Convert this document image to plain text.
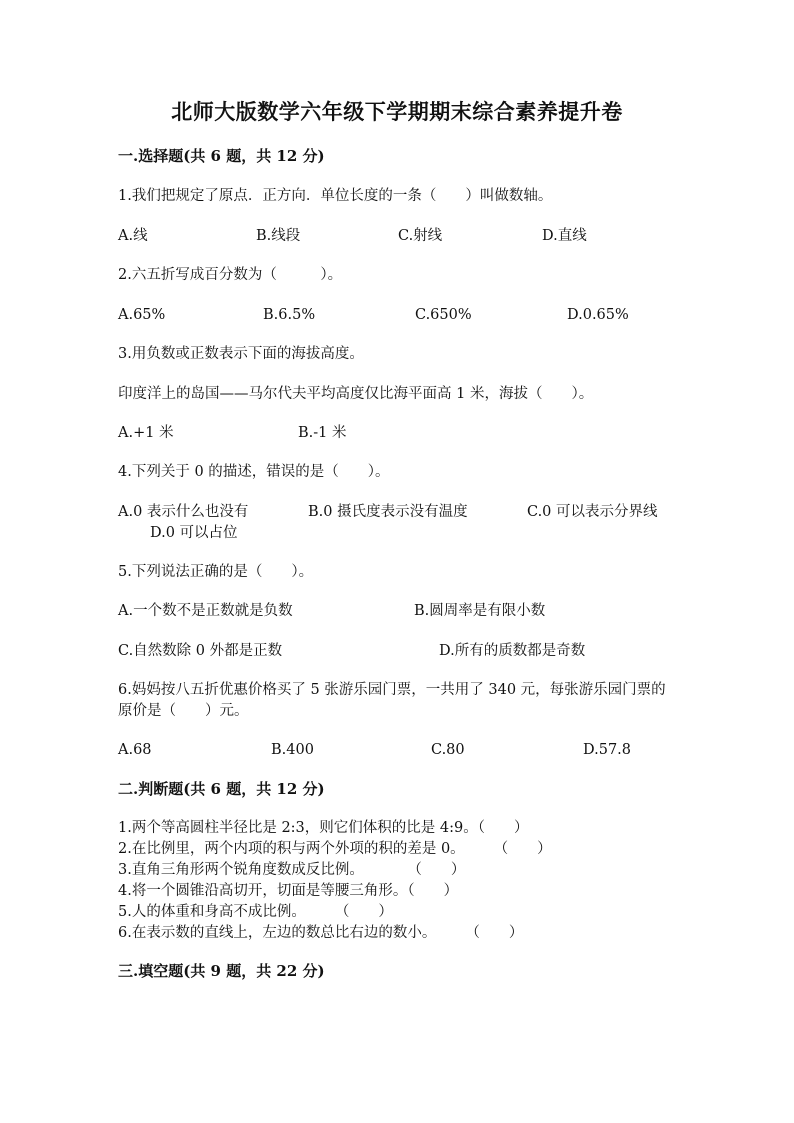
北师大版数学六年级下学期期末综合素养提升卷
一.选择题(共 6 题，共 12 分)
1.我们把规定了原点．正方向．单位长度的一条（　　）叫做数轴。
A.线	B.线段	C.射线	D.直线
2.六五折写成百分数为（　　　）。
A.65%	B.6.5%	C.650%	D.0.65%
3.用负数或正数表示下面的海拔高度。
印度洋上的岛国——马尔代夫平均高度仅比海平面高 1 米，海拔（　　）。
A.+1 米	B.-1 米
4.下列关于 0 的描述，错误的是（　　）。
A.0 表示什么也没有	B.0 摄氏度表示没有温度	C.0 可以表示分界线
D.0 可以占位
5.下列说法正确的是（　　）。
A.一个数不是正数就是负数	B.圆周率是有限小数
C.自然数除 0 外都是正数	D.所有的质数都是奇数
6.妈妈按八五折优惠价格买了 5 张游乐园门票，一共用了 340 元，每张游乐园门票的原价是（　　）元。
A.68	B.400	C.80	D.57.8
二.判断题(共 6 题，共 12 分)
1.两个等高圆柱半径比是 2:3，则它们体积的比是 4:9。（　　）
2.在比例里，两个内项的积与两个外项的积的差是 0。　　　（　　）
3.直角三角形两个锐角度数成反比例。　　　　（　　）
4.将一个圆锥沿高切开，切面是等腰三角形。（　　）
5.人的体重和身高不成比例。　　　（　　）
6.在表示数的直线上，左边的数总比右边的数小。　　　（　　）
三.填空题(共 9 题，共 22 分)
